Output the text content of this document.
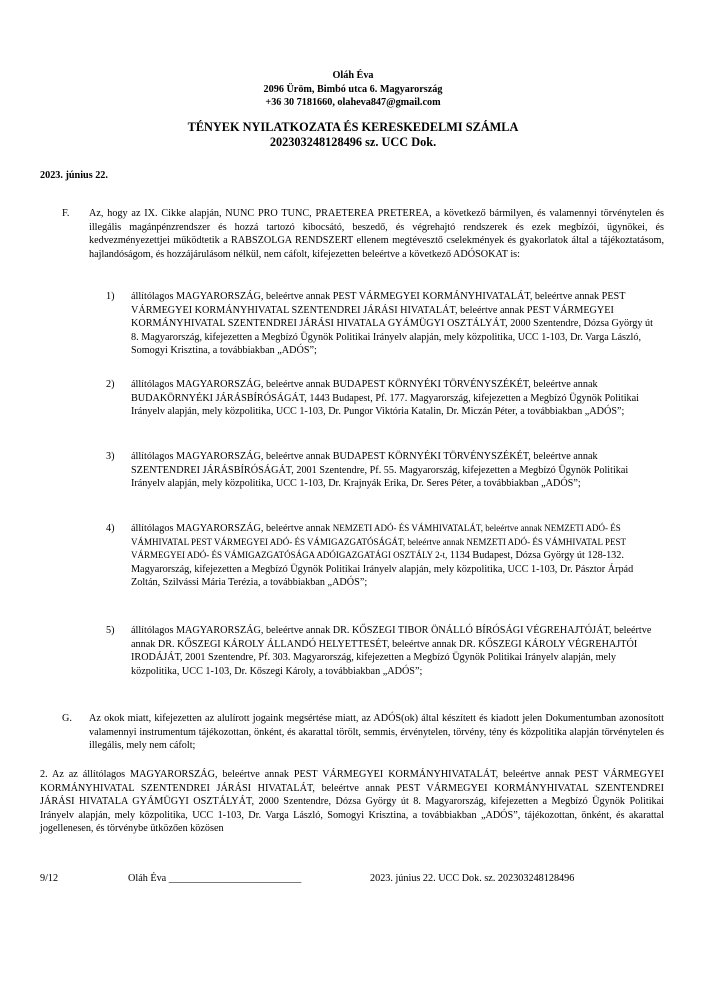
Oláh Éva
2096 Üröm, Bimbó utca 6. Magyarország
+36 30 7181660, olaheva847@gmail.com
TÉNYEK NYILATKOZATA ÉS KERESKEDELMI SZÁMLA
202303248128496 sz. UCC Dok.
2023. június 22.
F. Az, hogy az IX. Cikke alapján, NUNC PRO TUNC, PRAETEREA PRETEREA, a következő bármilyen, és valamennyi törvénytelen és illegális magánpénzrendszer és hozzá tartozó kibocsátó, beszedő, és végrehajtó rendszerek és ezek megbízói, ügynökei, és kedvezményezettjei működtetik a RABSZOLGA RENDSZERT ellenem megtévesztő cselekmények és gyakorlatok által a tájékoztatásom, hajlandóságom, és hozzájárulásom nélkül, nem cáfolt, kifejezetten beleértve a következő ADÓSOKAT is:
1) állítólagos MAGYARORSZÁG, beleértve annak PEST VÁRMEGYEI KORMÁNYHIVATALÁT, beleértve annak PEST VÁRMEGYEI KORMÁNYHIVATAL SZENTENDREI JÁRÁSI HIVATALÁT, beleértve annak PEST VÁRMEGYEI KORMÁNYHIVATAL SZENTENDREI JÁRÁSI HIVATALA GYÁMÜGYI OSZTÁLYÁT, 2000 Szentendre, Dózsa György út 8. Magyarország, kifejezetten a Megbízó Ügynök Politikai Irányelv alapján, mely közpolitika, UCC 1-103, Dr. Varga László, Somogyi Krisztina, a továbbiakban „ADÓS”;
2) állítólagos MAGYARORSZÁG, beleértve annak BUDAPEST KÖRNYÉKI TÖRVÉNYSZÉKÉT, beleértve annak BUDAKÖRNYÉKI JÁRÁSBÍRÓSÁGÁT, 1443 Budapest, Pf. 177. Magyarország, kifejezetten a Megbízó Ügynök Politikai Irányelv alapján, mely közpolitika, UCC 1-103, Dr. Pungor Viktória Katalin, Dr. Miczán Péter, a továbbiakban „ADÓS”;
3) állítólagos MAGYARORSZÁG, beleértve annak BUDAPEST KÖRNYÉKI TÖRVÉNYSZÉKÉT, beleértve annak SZENTENDREI JÁRÁSBÍRÓSÁGÁT, 2001 Szentendre, Pf. 55. Magyarország, kifejezetten a Megbízó Ügynök Politikai Irányelv alapján, mely közpolitika, UCC 1-103, Dr. Krajnyák Erika, Dr. Seres Péter, a továbbiakban „ADÓS”;
4) állítólagos MAGYARORSZÁG, beleértve annak NEMZETI ADÓ- ÉS VÁMHIVATALÁT, beleértve annak NEMZETI ADÓ- ÉS VÁMHIVATAL PEST VÁRMEGYEI ADÓ- ÉS VÁMIGAZGATÓSÁGÁT, beleértve annak NEMZETI ADÓ- ÉS VÁMHIVATAL PEST VÁRMEGYEI ADÓ- ÉS VÁMIGAZGATÓSÁGA ADÓIGAZGATÁGI OSZTÁLY 2-t, 1134 Budapest, Dózsa György út 128-132. Magyarország, kifejezetten a Megbízó Ügynök Politikai Irányelv alapján, mely közpolitika, UCC 1-103, Dr. Pásztor Árpád Zoltán, Szilvássi Mária Terézia, a továbbiakban „ADÓS”;
5) állítólagos MAGYARORSZÁG, beleértve annak DR. KŐSZEGI TIBOR ÖNÁLLÓ BÍRÓSÁGI VÉGREHAJTÓJÁT, beleértve annak DR. KŐSZEGI KÁROLY ÁLLANDÓ HELYETTESÉT, beleértve annak DR. KŐSZEGI KÁROLY VÉGREHAJTÓI IRODÁJÁT, 2001 Szentendre, Pf. 303. Magyarország, kifejezetten a Megbízó Ügynök Politikai Irányelv alapján, mely közpolitika, UCC 1-103, Dr. Kőszegi Károly, a továbbiakban „ADÓS”;
G. Az okok miatt, kifejezetten az alulírott jogaink megsértése miatt, az ADÓS(ok) által készített és kiadott jelen Dokumentumban azonosított valamennyi instrumentum tájékozottan, önként, és akarattal törölt, semmis, érvénytelen, törvény, tény és közpolitika alapján törvénytelen és illegális, mely nem cáfolt;
2. Az az állítólagos MAGYARORSZÁG, beleértve annak PEST VÁRMEGYEI KORMÁNYHIVATALÁT, beleértve annak PEST VÁRMEGYEI KORMÁNYHIVATAL SZENTENDREI JÁRÁSI HIVATALÁT, beleértve annak PEST VÁRMEGYEI KORMÁNYHIVATAL SZENTENDREI JÁRÁSI HIVATALA GYÁMÜGYI OSZTÁLYÁT, 2000 Szentendre, Dózsa György út 8. Magyarország, kifejezetten a Megbízó Ügynök Politikai Irányelv alapján, mely közpolitika, UCC 1-103, Dr. Varga László, Somogyi Krisztina, a továbbiakban „ADÓS”, tájékozottan, önként, és akarattal jogellenesen, és törvénybe ütközően közösen
9/12	Oláh Éva __________________________	2023. június 22. UCC Dok. sz. 202303248128496
